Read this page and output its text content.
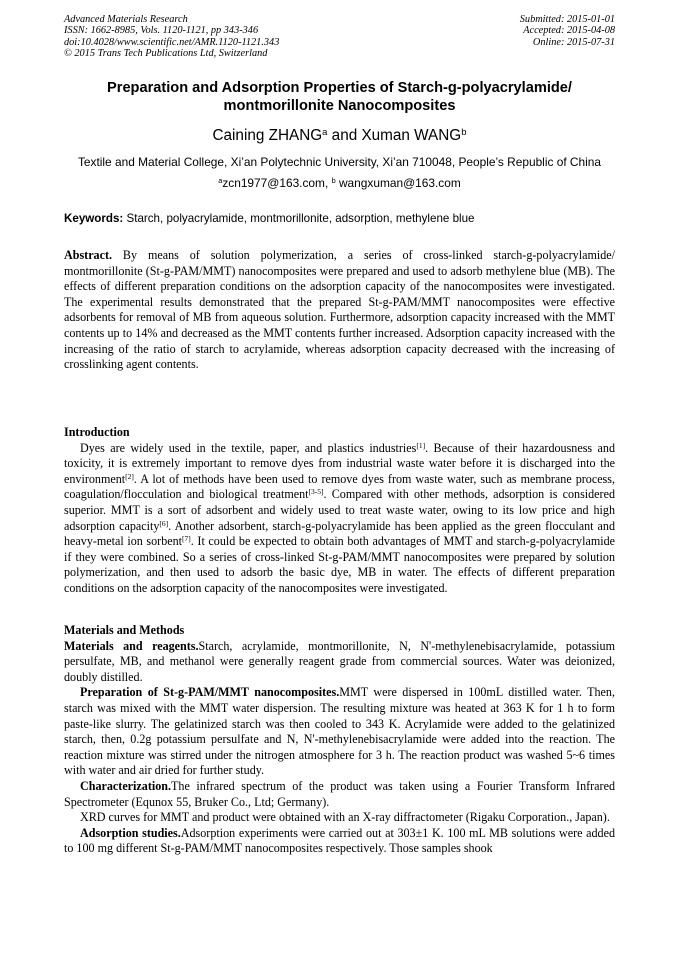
Advanced Materials Research
ISSN: 1662-8985, Vols. 1120-1121, pp 343-346
doi:10.4028/www.scientific.net/AMR.1120-1121.343
© 2015 Trans Tech Publications Ltd, Switzerland
Submitted: 2015-01-01
Accepted: 2015-04-08
Online: 2015-07-31
Preparation and Adsorption Properties of Starch-g-polyacrylamide/
montmorillonite Nanocomposites
Caining ZHANG$^a$ and Xuman WANG$^b$
Textile and Material College, Xi’an Polytechnic University, Xi’an 710048, People’s Republic of China
$^a$zcn1977@163.com, $^b$ wangxuman@163.com
Keywords: Starch, polyacrylamide, montmorillonite, adsorption, methylene blue
Abstract. By means of solution polymerization, a series of cross-linked starch-g-polyacrylamide/ montmorillonite (St-g-PAM/MMT) nanocomposites were prepared and used to adsorb methylene blue (MB). The effects of different preparation conditions on the adsorption capacity of the nanocomposites were investigated. The experimental results demonstrated that the prepared St-g-PAM/MMT nanocomposites were effective adsorbents for removal of MB from aqueous solution. Furthermore, adsorption capacity increased with the MMT contents up to 14% and decreased as the MMT contents further increased. Adsorption capacity increased with the increasing of the ratio of starch to acrylamide, whereas adsorption capacity decreased with the increasing of crosslinking agent contents.

Introduction

Dyes are widely used in the textile, paper, and plastics industries[1]. Because of their hazardousness and toxicity, it is extremely important to remove dyes from industrial waste water before it is discharged into the environment[2]. A lot of methods have been used to remove dyes from waste water, such as membrane process, coagulation/flocculation and biological treatment[3-5]. Compared with other methods, adsorption is considered superior. MMT is a sort of adsorbent and widely used to treat waste water, owing to its low price and high adsorption capacity[6]. Another adsorbent, starch-g-polyacrylamide has been applied as the green flocculant and heavy-metal ion sorbent[7]. It could be expected to obtain both advantages of MMT and starch-g-polyacrylamide if they were combined. So a series of cross-linked St-g-PAM/MMT nanocomposites were prepared by solution polymerization, and then used to adsorb the basic dye, MB in water. The effects of different preparation conditions on the adsorption capacity of the nanocomposites were investigated.

Materials and Methods

Materials and reagents.Starch, acrylamide, montmorillonite, N, N'-methylenebisacrylamide, potassium persulfate, MB, and methanol were generally reagent grade from commercial sources. Water was deionized, doubly distilled.

Preparation of St-g-PAM/MMT nanocomposites.MMT were dispersed in 100mL distilled water. Then, starch was mixed with the MMT water dispersion. The resulting mixture was heated at 363 K for 1 h to form paste-like slurry. The gelatinized starch was then cooled to 343 K. Acrylamide were added to the gelatinized starch, then, 0.2g potassium persulfate and N, N'-methylenebisacrylamide were added into the reaction. The reaction mixture was stirred under the nitrogen atmosphere for 3 h. The reaction product was washed 5~6 times with water and air dried for further study.

Characterization.The infrared spectrum of the product was taken using a Fourier Transform Infrared Spectrometer (Equnox 55, Bruker Co., Ltd; Germany).

XRD curves for MMT and product were obtained with an X-ray diffractometer (Rigaku Corporation., Japan).

Adsorption studies.Adsorption experiments were carried out at 303±1 K. 100 mL MB solutions were added to 100 mg different St-g-PAM/MMT nanocomposites respectively. Those samples shook
